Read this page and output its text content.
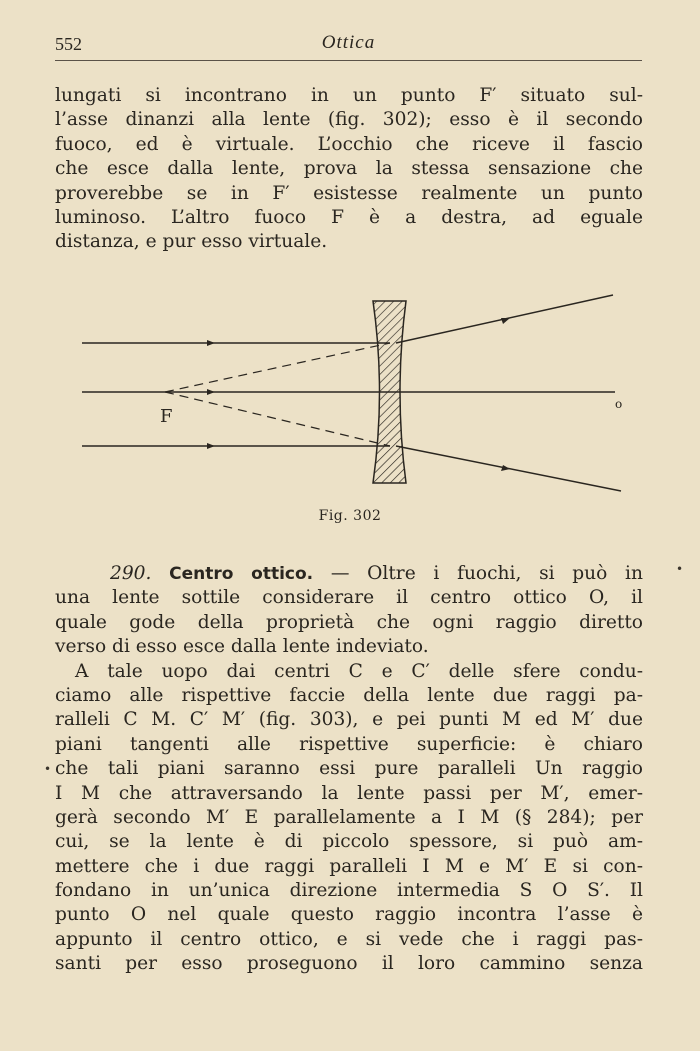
552	Ottica
lungati si incontrano in un punto F′ situato sul-
l’asse dinanzi alla lente (fig. 302); esso è il secondo
fuoco, ed è virtuale. L’occhio che riceve il fascio
che esce dalla lente, prova la stessa sensazione che
proverebbe se in F′ esistesse realmente un punto
luminoso. L’altro fuoco F è a destra, ad eguale
distanza, e pur esso virtuale.
F
o
Fig. 302
290. Centro ottico. — Oltre i fuochi, si può in
una lente sottile considerare il centro ottico O, il
quale gode della proprietà che ogni raggio diretto
verso di esso esce dalla lente indeviato.
A tale uopo dai centri C e C′ delle sfere condu-
ciamo alle rispettive faccie della lente due raggi pa-
ralleli C M. C′ M′ (fig. 303), e pei punti M ed M′ due
piani tangenti alle rispettive superficie: è chiaro
che tali piani saranno essi pure paralleli Un raggio
I M che attraversando la lente passi per M′, emer-
gerà secondo M′ E parallelamente a I M (§ 284); per
cui, se la lente è di piccolo spessore, si può am-
mettere che i due raggi paralleli I M e M′ E si con-
fondano in un’unica direzione intermedia S O S′. Il
punto O nel quale questo raggio incontra l’asse è
appunto il centro ottico, e si vede che i raggi pas-
santi per esso proseguono il loro cammino senza
•
•
